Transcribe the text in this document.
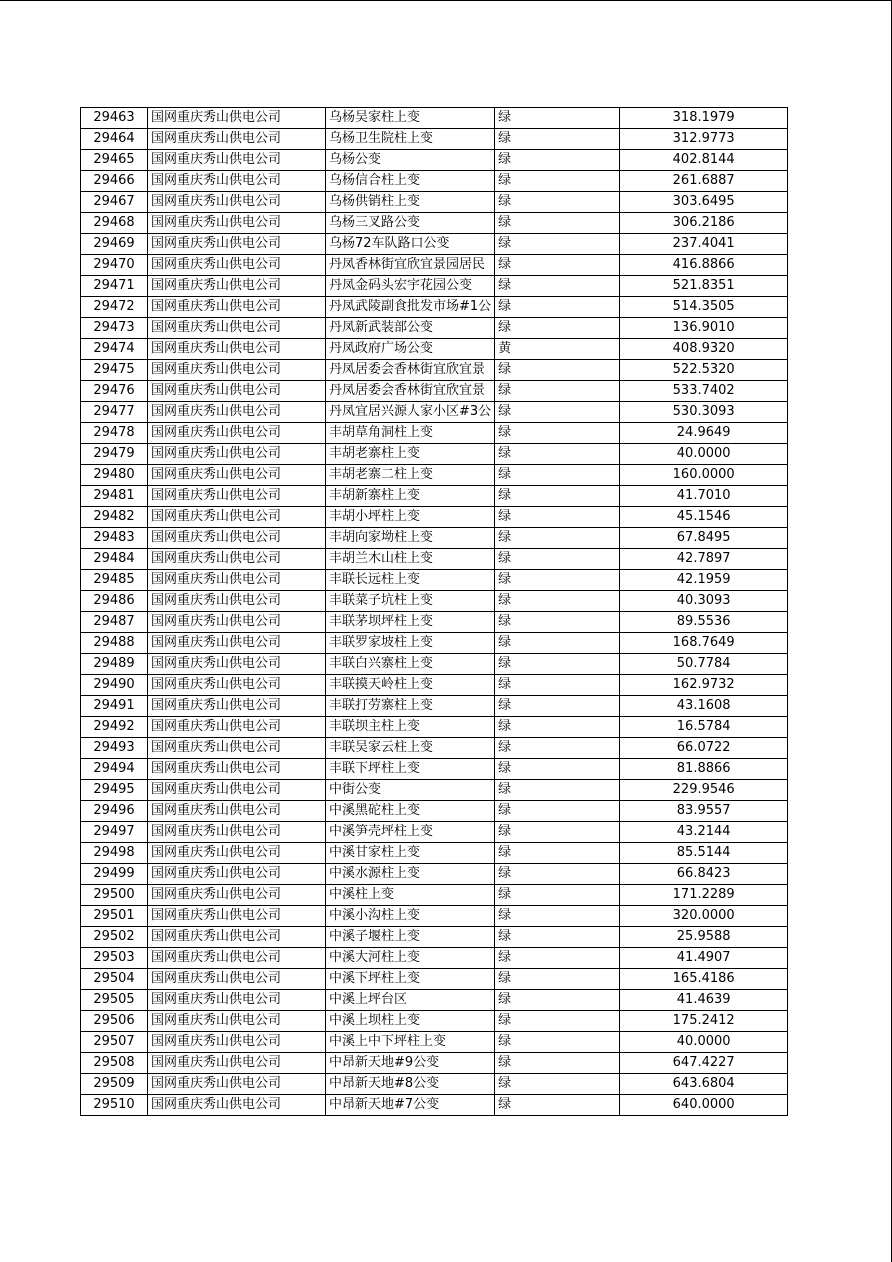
29463	国网重庆秀山供电公司	乌杨吴家柱上变	绿	318.1979
29464	国网重庆秀山供电公司	乌杨卫生院柱上变	绿	312.9773
29465	国网重庆秀山供电公司	乌杨公变	绿	402.8144
29466	国网重庆秀山供电公司	乌杨信合柱上变	绿	261.6887
29467	国网重庆秀山供电公司	乌杨供销柱上变	绿	303.6495
29468	国网重庆秀山供电公司	乌杨三叉路公变	绿	306.2186
29469	国网重庆秀山供电公司	乌杨72车队路口公变	绿	237.4041
29470	国网重庆秀山供电公司	丹凤香林街宜欣宜景园居民	绿	416.8866
29471	国网重庆秀山供电公司	丹凤金码头宏宇花园公变	绿	521.8351
29472	国网重庆秀山供电公司	丹凤武陵副食批发市场#1公	绿	514.3505
29473	国网重庆秀山供电公司	丹凤新武装部公变	绿	136.9010
29474	国网重庆秀山供电公司	丹凤政府广场公变	黄	408.9320
29475	国网重庆秀山供电公司	丹凤居委会香林街宜欣宜景	绿	522.5320
29476	国网重庆秀山供电公司	丹凤居委会香林街宜欣宜景	绿	533.7402
29477	国网重庆秀山供电公司	丹凤宜居兴源人家小区#3公	绿	530.3093
29478	国网重庆秀山供电公司	丰胡草角洞柱上变	绿	24.9649
29479	国网重庆秀山供电公司	丰胡老寨柱上变	绿	40.0000
29480	国网重庆秀山供电公司	丰胡老寨二柱上变	绿	160.0000
29481	国网重庆秀山供电公司	丰胡新寨柱上变	绿	41.7010
29482	国网重庆秀山供电公司	丰胡小坪柱上变	绿	45.1546
29483	国网重庆秀山供电公司	丰胡向家坳柱上变	绿	67.8495
29484	国网重庆秀山供电公司	丰胡兰木山柱上变	绿	42.7897
29485	国网重庆秀山供电公司	丰联长远柱上变	绿	42.1959
29486	国网重庆秀山供电公司	丰联菜子坑柱上变	绿	40.3093
29487	国网重庆秀山供电公司	丰联茅坝坪柱上变	绿	89.5536
29488	国网重庆秀山供电公司	丰联罗家坡柱上变	绿	168.7649
29489	国网重庆秀山供电公司	丰联白兴寨柱上变	绿	50.7784
29490	国网重庆秀山供电公司	丰联摸天岭柱上变	绿	162.9732
29491	国网重庆秀山供电公司	丰联打劳寨柱上变	绿	43.1608
29492	国网重庆秀山供电公司	丰联坝主柱上变	绿	16.5784
29493	国网重庆秀山供电公司	丰联吴家云柱上变	绿	66.0722
29494	国网重庆秀山供电公司	丰联下坪柱上变	绿	81.8866
29495	国网重庆秀山供电公司	中街公变	绿	229.9546
29496	国网重庆秀山供电公司	中溪黑砣柱上变	绿	83.9557
29497	国网重庆秀山供电公司	中溪笋壳坪柱上变	绿	43.2144
29498	国网重庆秀山供电公司	中溪甘家柱上变	绿	85.5144
29499	国网重庆秀山供电公司	中溪水源柱上变	绿	66.8423
29500	国网重庆秀山供电公司	中溪柱上变	绿	171.2289
29501	国网重庆秀山供电公司	中溪小沟柱上变	绿	320.0000
29502	国网重庆秀山供电公司	中溪子堰柱上变	绿	25.9588
29503	国网重庆秀山供电公司	中溪大河柱上变	绿	41.4907
29504	国网重庆秀山供电公司	中溪下坪柱上变	绿	165.4186
29505	国网重庆秀山供电公司	中溪上坪台区	绿	41.4639
29506	国网重庆秀山供电公司	中溪上坝柱上变	绿	175.2412
29507	国网重庆秀山供电公司	中溪上中下坪柱上变	绿	40.0000
29508	国网重庆秀山供电公司	中昂新天地#9公变	绿	647.4227
29509	国网重庆秀山供电公司	中昂新天地#8公变	绿	643.6804
29510	国网重庆秀山供电公司	中昂新天地#7公变	绿	640.0000
